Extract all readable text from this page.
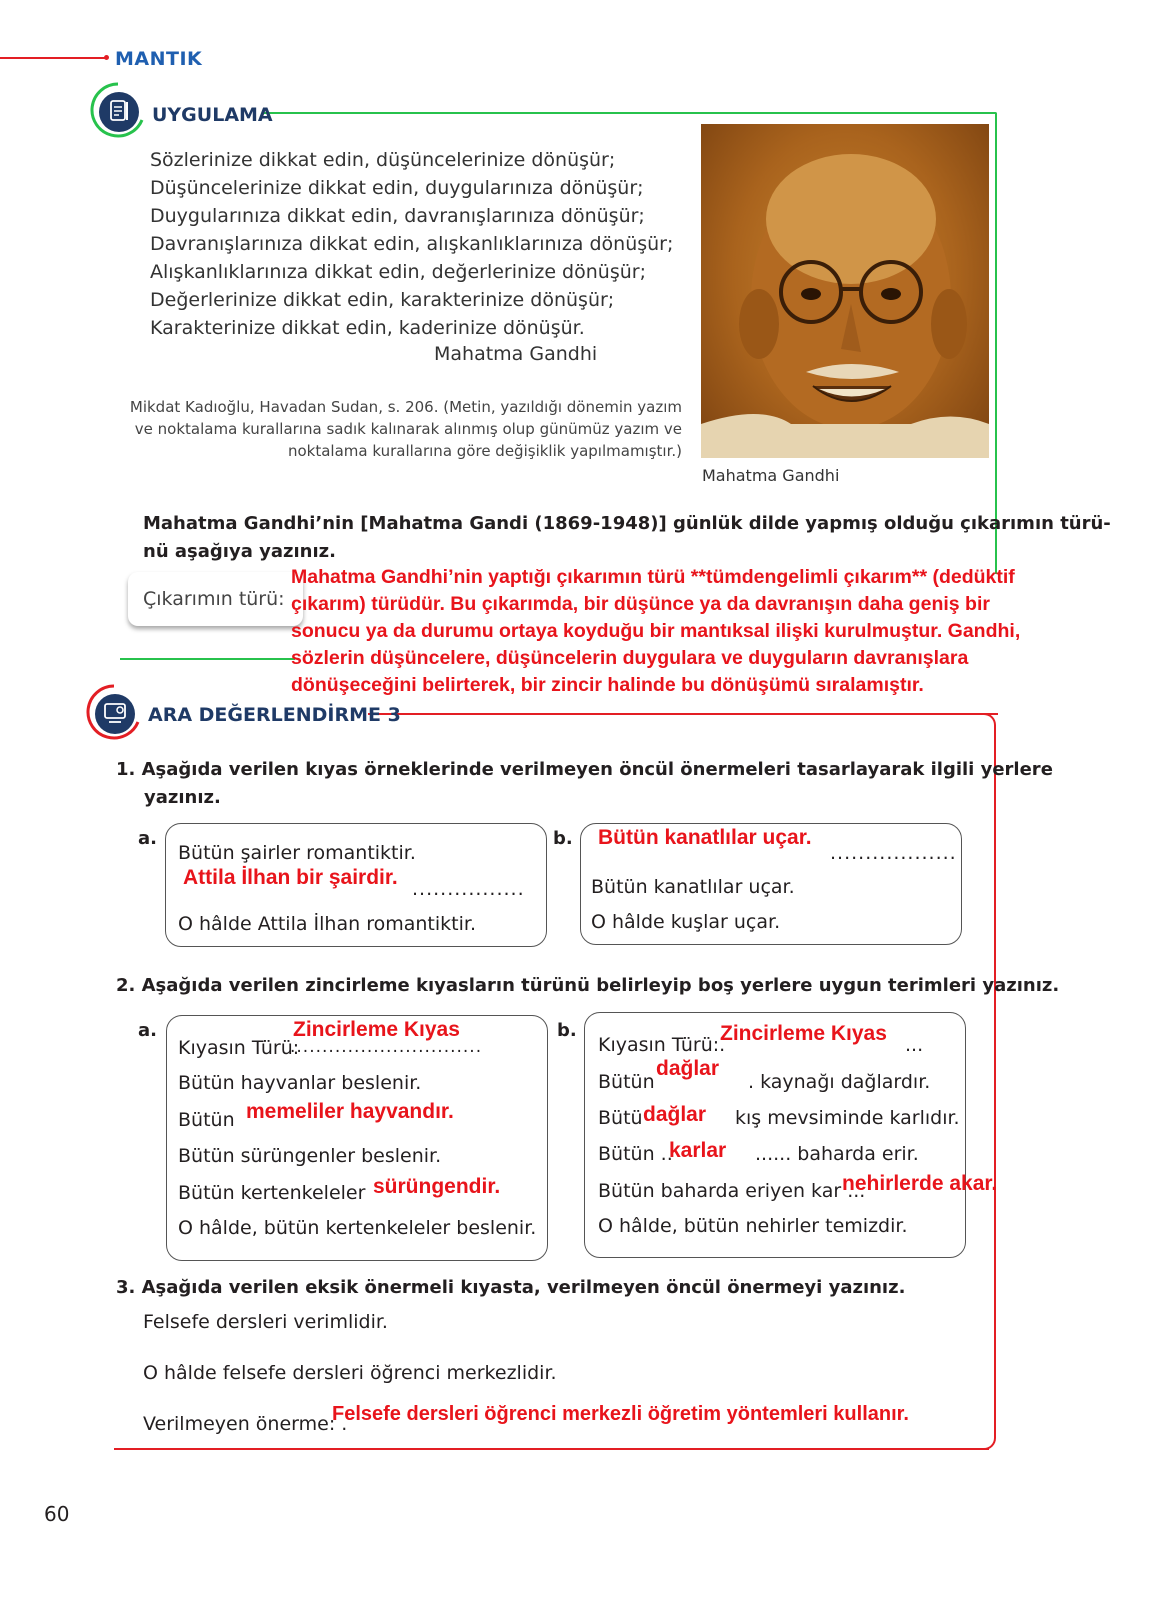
MANTIK
UYGULAMA
Sözlerinize dikkat edin, düşüncelerinize dönüşür;
Düşüncelerinize dikkat edin, duygularınıza dönüşür;
Duygularınıza dikkat edin, davranışlarınıza dönüşür;
Davranışlarınıza dikkat edin, alışkanlıklarınıza dönüşür;
Alışkanlıklarınıza dikkat edin, değerlerinize dönüşür;
Değerlerinize dikkat edin, karakterinize dönüşür;
Karakterinize dikkat edin, kaderinize dönüşür.
Mahatma Gandhi
Mikdat Kadıoğlu, Havadan Sudan, s. 206. (Metin, yazıldığı dönemin yazım
ve noktalama kurallarına sadık kalınarak alınmış olup günümüz yazım ve
noktalama kurallarına göre değişiklik yapılmamıştır.)
Mahatma Gandhi
Mahatma Gandhi’nin [Mahatma Gandi (1869-1948)] günlük dilde yapmış olduğu çıkarımın türü-
nü aşağıya yazınız.
Çıkarımın türü:
Mahatma Gandhi’nin yaptığı çıkarımın türü **tümdengelimli çıkarım** (dedüktif
çıkarım) türüdür. Bu çıkarımda, bir düşünce ya da davranışın daha geniş bir
sonucu ya da durumu ortaya koyduğu bir mantıksal ilişki kurulmuştur. Gandhi,
sözlerin düşüncelere, düşüncelerin duygulara ve duyguların davranışlara
dönüşeceğini belirterek, bir zincir halinde bu dönüşümü sıralamıştır.
ARA DEĞERLENDİRME 3
1. Aşağıda verilen kıyas örneklerinde verilmeyen öncül önermeleri tasarlayarak ilgili yerlere
yazınız.
a.
Bütün şairler romantiktir.
................
Attila İlhan bir şairdir.
O hâlde Attila İlhan romantiktir.
b.
..................
Bütün kanatlılar uçar.
Bütün kanatlılar uçar.
O hâlde kuşlar uçar.
2. Aşağıda verilen zincirleme kıyasların türünü belirleyip boş yerlere uygun terimleri yazınız.
a.
Kıyasın Türü:
..............................
Zincirleme Kıyas
Bütün hayvanlar beslenir.
Bütün memeliler hayvandır.
Bütün sürüngenler beslenir.
Bütün kertenkeleler sürüngendir.
O hâlde, bütün kertenkeleler beslenir.
b.
Kıyasın Türü:.
Zincirleme Kıyas ...
Bütün
dağlar
. kaynağı dağlardır.
Bütü dağlar kış mevsiminde karlıdır.
Bütün ..
karlar ...... baharda erir.
Bütün baharda eriyen kar ...
nehirlerde akar.
O hâlde, bütün nehirler temizdir.
3. Aşağıda verilen eksik önermeli kıyasta, verilmeyen öncül önermeyi yazınız.
Felsefe dersleri verimlidir.
O hâlde felsefe dersleri öğrenci merkezlidir.
Verilmeyen önerme: .
Felsefe dersleri öğrenci merkezli öğretim yöntemleri kullanır.
60
